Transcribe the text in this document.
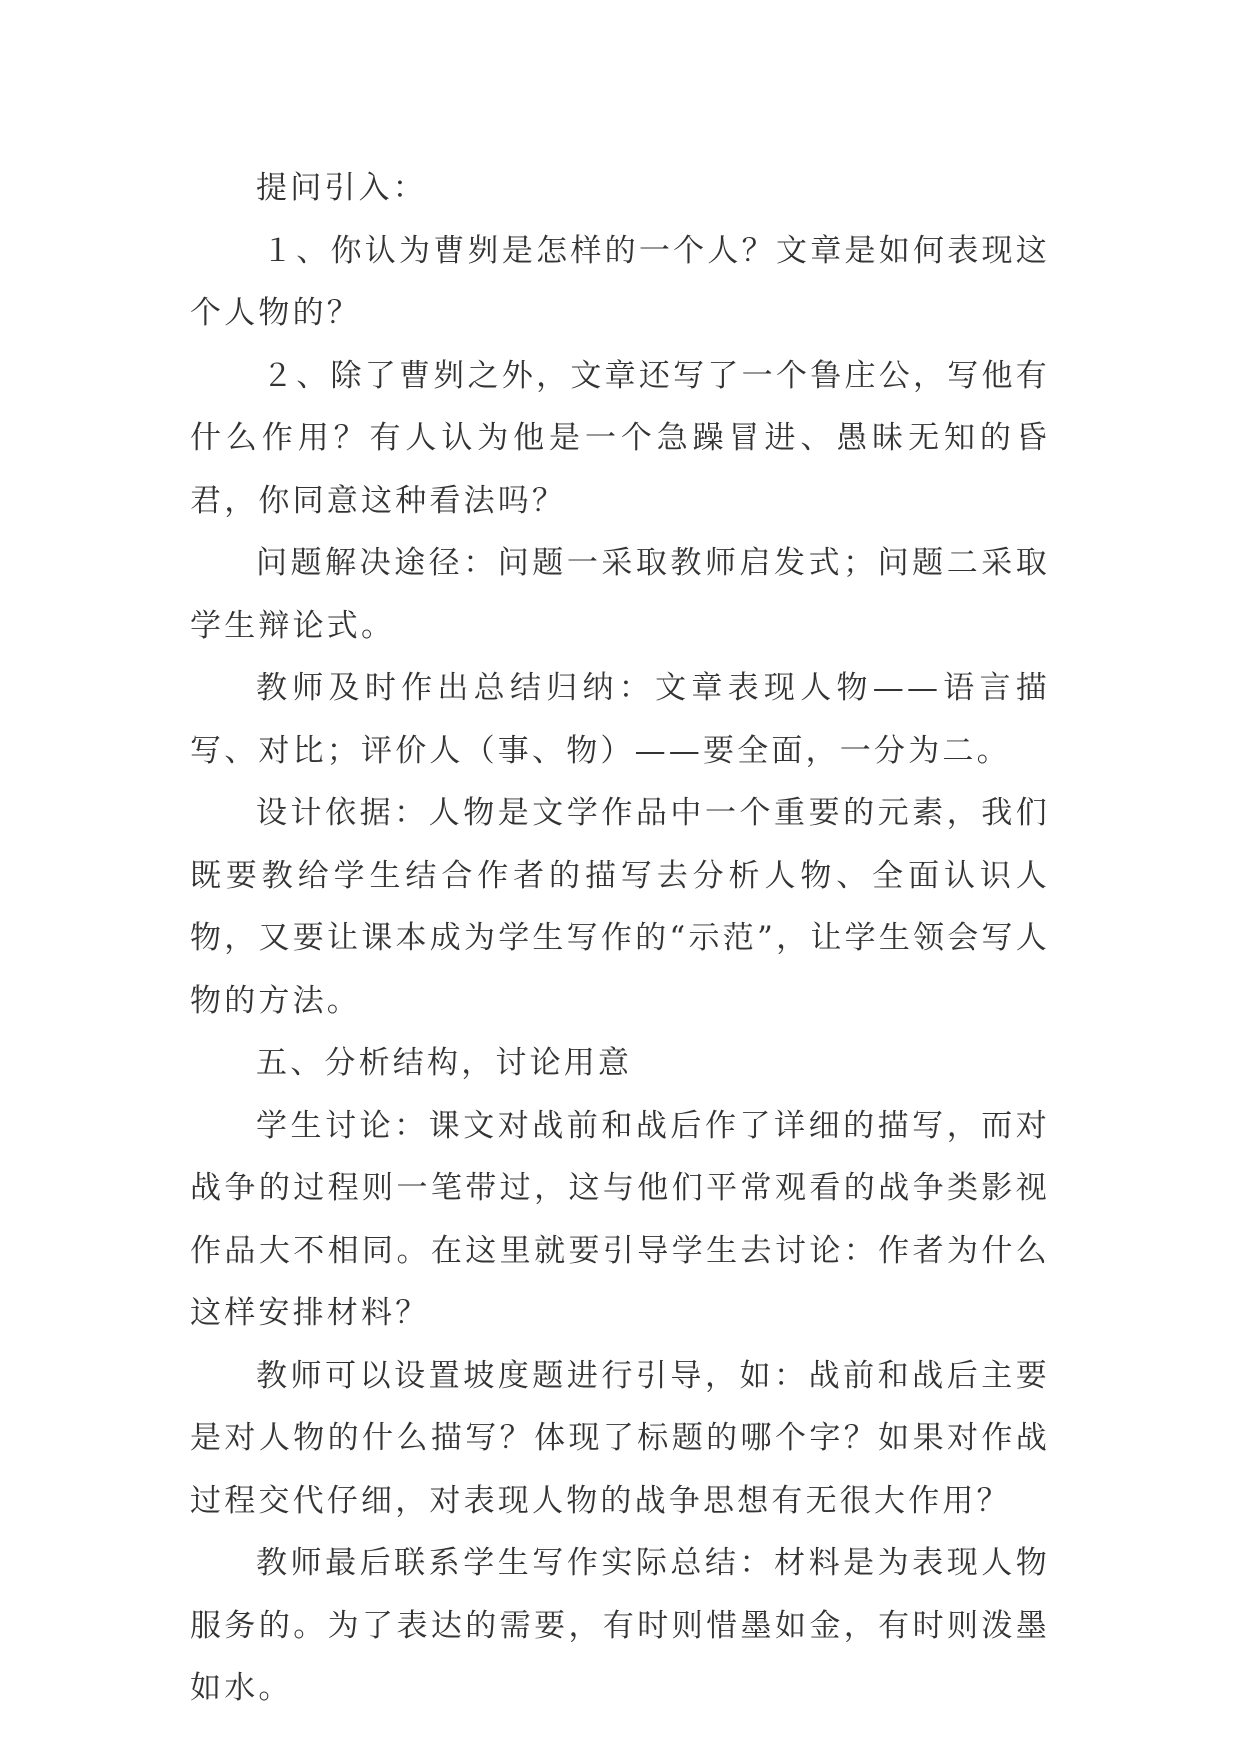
提问引入：

１、你认为曹刿是怎样的一个人？文章是如何表现这个人物的？

２、除了曹刿之外，文章还写了一个鲁庄公，写他有什么作用？有人认为他是一个急躁冒进、愚昧无知的昏君，你同意这种看法吗？

问题解决途径：问题一采取教师启发式；问题二采取学生辩论式。

教师及时作出总结归纳：文章表现人物——语言描写、对比；评价人（事、物）——要全面，一分为二。

设计依据：人物是文学作品中一个重要的元素，我们既要教给学生结合作者的描写去分析人物、全面认识人物，又要让课本成为学生写作的“示范”，让学生领会写人物的方法。

五、分析结构，讨论用意

学生讨论：课文对战前和战后作了详细的描写，而对战争的过程则一笔带过，这与他们平常观看的战争类影视作品大不相同。在这里就要引导学生去讨论：作者为什么这样安排材料？

教师可以设置坡度题进行引导，如：战前和战后主要是对人物的什么描写？体现了标题的哪个字？如果对作战过程交代仔细，对表现人物的战争思想有无很大作用？

教师最后联系学生写作实际总结：材料是为表现人物服务的。为了表达的需要，有时则惜墨如金，有时则泼墨如水。
